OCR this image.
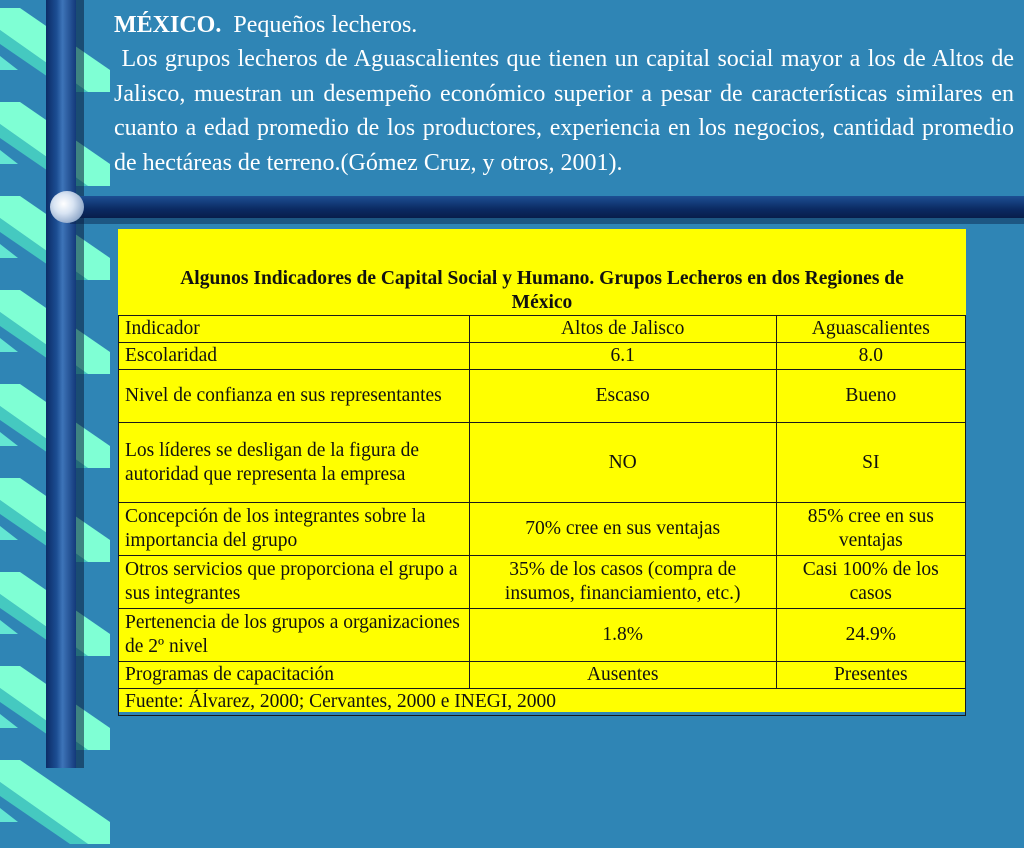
MÉXICO. Pequeños lecheros.
Los grupos lecheros de Aguascalientes que tienen un capital social mayor a los de Altos de Jalisco, muestran un desempeño económico superior a pesar de características similares en cuanto a edad promedio de los productores, experiencia en los negocios, cantidad promedio de hectáreas de terreno.(Gómez Cruz, y otros, 2001).
Algunos Indicadores de Capital Social y Humano. Grupos Lecheros en dos Regiones de México		
Indicador	Altos de Jalisco	Aguascalientes
Escolaridad	6.1	8.0
Nivel de confianza en sus representantes	Escaso	Bueno
Los líderes se desligan de la figura de autoridad que representa la empresa	NO	SI
Concepción de los integrantes sobre la importancia del grupo	70% cree en sus ventajas	85% cree en sus ventajas
Otros servicios que proporciona el grupo a sus integrantes	35% de los casos (compra de insumos, financiamiento, etc.)	Casi 100% de los casos
Pertenencia de los grupos a organizaciones de 2º nivel	1.8%	24.9%
Programas de capacitación	Ausentes	Presentes
Fuente: Álvarez, 2000; Cervantes, 2000 e INEGI, 2000		
